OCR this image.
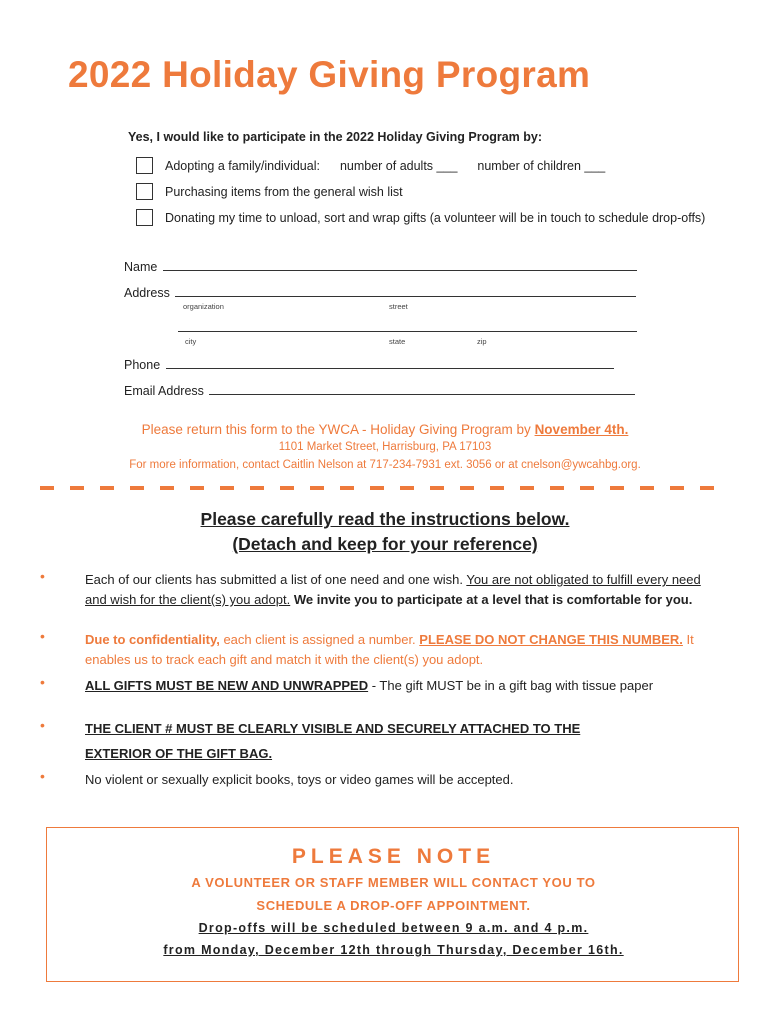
2022 Holiday Giving Program
Yes, I would like to participate in the 2022 Holiday Giving Program by:
Adopting a family/individual: number of adults ___ number of children ___
Purchasing items from the general wish list
Donating my time to unload, sort and wrap gifts (a volunteer will be in touch to schedule drop-offs)
Name
Address
organization	street
city	state	zip
Phone
Email Address
Please return this form to the YWCA - Holiday Giving Program by November 4th.
1101 Market Street, Harrisburg, PA 17103
For more information, contact Caitlin Nelson at 717-234-7931 ext. 3056 or at cnelson@ywcahbg.org.
Please carefully read the instructions below.
(Detach and keep for your reference)
•	Each of our clients has submitted a list of one need and one wish. You are not obligated to fulfill every need and wish for the client(s) you adopt. We invite you to participate at a level that is comfortable for you.
•	Due to confidentiality, each client is assigned a number. PLEASE DO NOT CHANGE THIS NUMBER. It enables us to track each gift and match it with the client(s) you adopt.
•	ALL GIFTS MUST BE NEW AND UNWRAPPED - The gift MUST be in a gift bag with tissue paper
•	THE CLIENT # MUST BE CLEARLY VISIBLE AND SECURELY ATTACHED TO THE
EXTERIOR OF THE GIFT BAG.
•	No violent or sexually explicit books, toys or video games will be accepted.
PLEASE NOTE
A VOLUNTEER OR STAFF MEMBER WILL CONTACT YOU TO
SCHEDULE A DROP-OFF APPOINTMENT.
Drop-offs will be scheduled between 9 a.m. and 4 p.m.
from Monday, December 12th through Thursday, December 16th.
